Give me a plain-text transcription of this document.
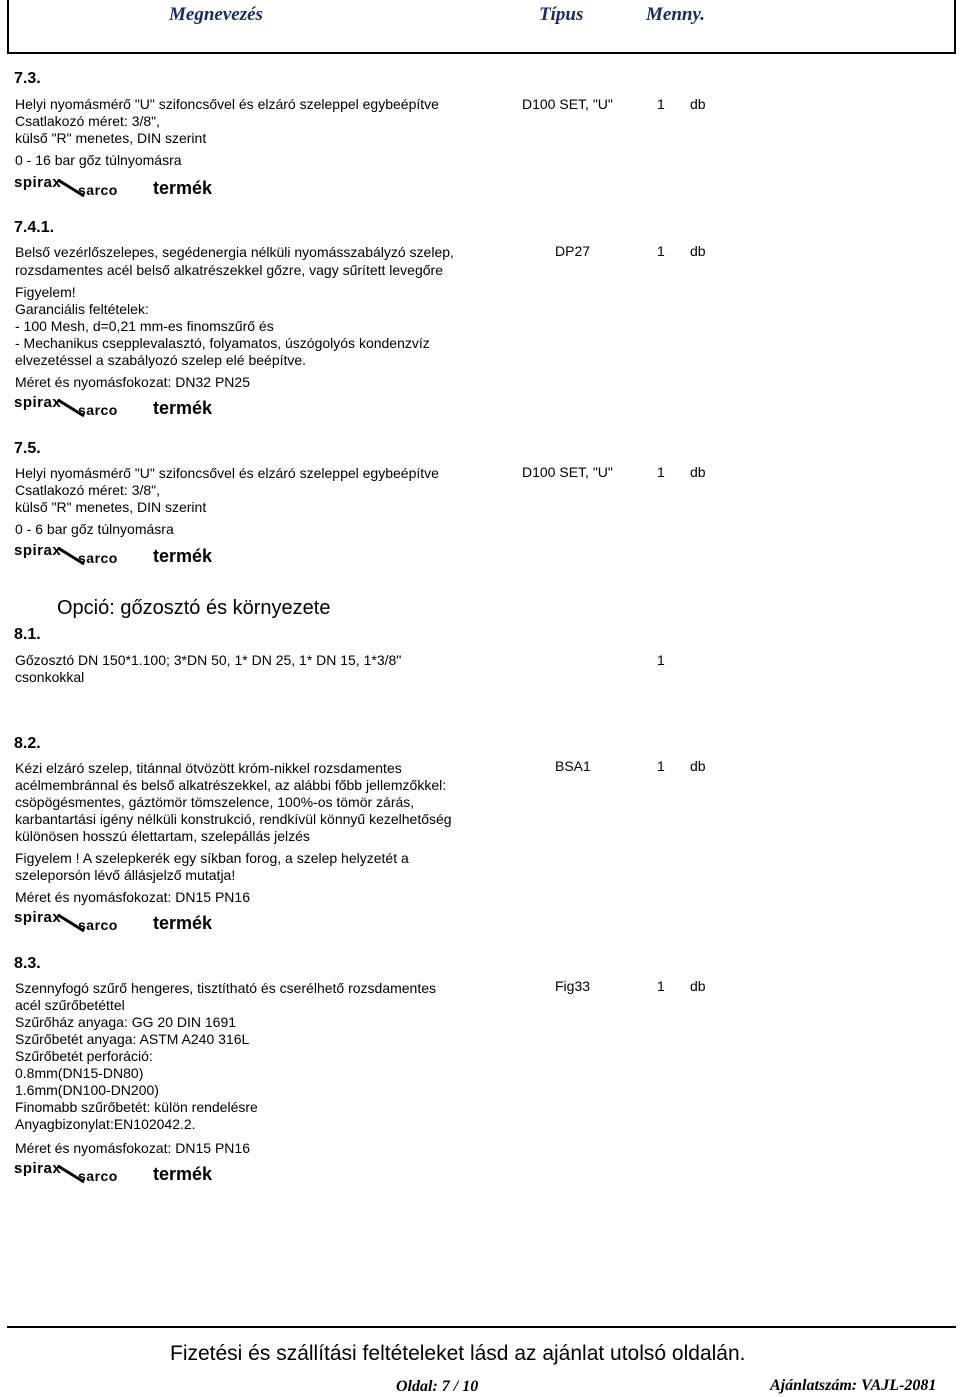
Megnevezés	Típus	Menny.
7.3.
Helyi nyomásmérő "U" szifoncsővel és elzáró szeleppel egybeépítve
Csatlakozó méret: 3/8",
külső "R" menetes, DIN szerint
0 - 16 bar gőz túlnyomásra
D100 SET, "U"	1 db
spirax sarco termék
7.4.1.
Belső vezérlőszelepes, segédenergia nélküli nyomásszabályzó szelep,
rozsdamentes acél belső alkatrészekkel gőzre, vagy sűrített levegőre
Figyelem!
Garanciális feltételek:
- 100 Mesh, d=0,21 mm-es finomszűrő és
- Mechanikus csepplevalasztó, folyamatos, úszógolyós kondenzvíz
elvezetéssel a szabályozó szelep elé beépítve.
Méret és nyomásfokozat: DN32 PN25
DP27	1 db
spirax sarco termék
7.5.
Helyi nyomásmérő "U" szifoncsővel és elzáró szeleppel egybeépítve
Csatlakozó méret: 3/8",
külső "R" menetes, DIN szerint
0 - 6 bar gőz túlnyomásra
D100 SET, "U"	1 db
spirax sarco termék
Opció: gőzosztó és környezete
8.1.
Gőzosztó DN 150*1.100; 3*DN 50, 1* DN 25, 1* DN 15, 1*3/8"
csonkokkal
1
8.2.
Kézi elzáró szelep, titánnal ötvözött króm-nikkel rozsdamentes
acélmembránnal és belső alkatrészekkel, az alábbi főbb jellemzőkkel:
csöpögésmentes, gáztömör tömszelence, 100%-os tömör zárás,
karbantartási igény nélküli konstrukció, rendkívül könnyű kezelhetőség
különösen hosszú élettartam, szelepállás jelzés
Figyelem ! A szelepkerék egy síkban forog, a szelep helyzetét a
szeleporsón lévő állásjelző mutatja!
Méret és nyomásfokozat: DN15 PN16
BSA1	1 db
spirax sarco termék
8.3.
Szennyfogó szűrő hengeres, tisztítható és cserélhető rozsdamentes
acél szűrőbetéttel
Szűrőház anyaga: GG 20 DIN 1691
Szűrőbetét anyaga: ASTM A240 316L
Szűrőbetét perforáció:
0.8mm(DN15-DN80)
1.6mm(DN100-DN200)
Finomabb szűrőbetét: külön rendelésre
Anyagbizonylat:EN102042.2.
Méret és nyomásfokozat: DN15 PN16
Fig33	1 db
spirax sarco termék
Fizetési és szállítási feltételeket lásd az ajánlat utolsó oldalán.
Oldal: 7 / 10	Ajánlatszám: VAJL-2081
